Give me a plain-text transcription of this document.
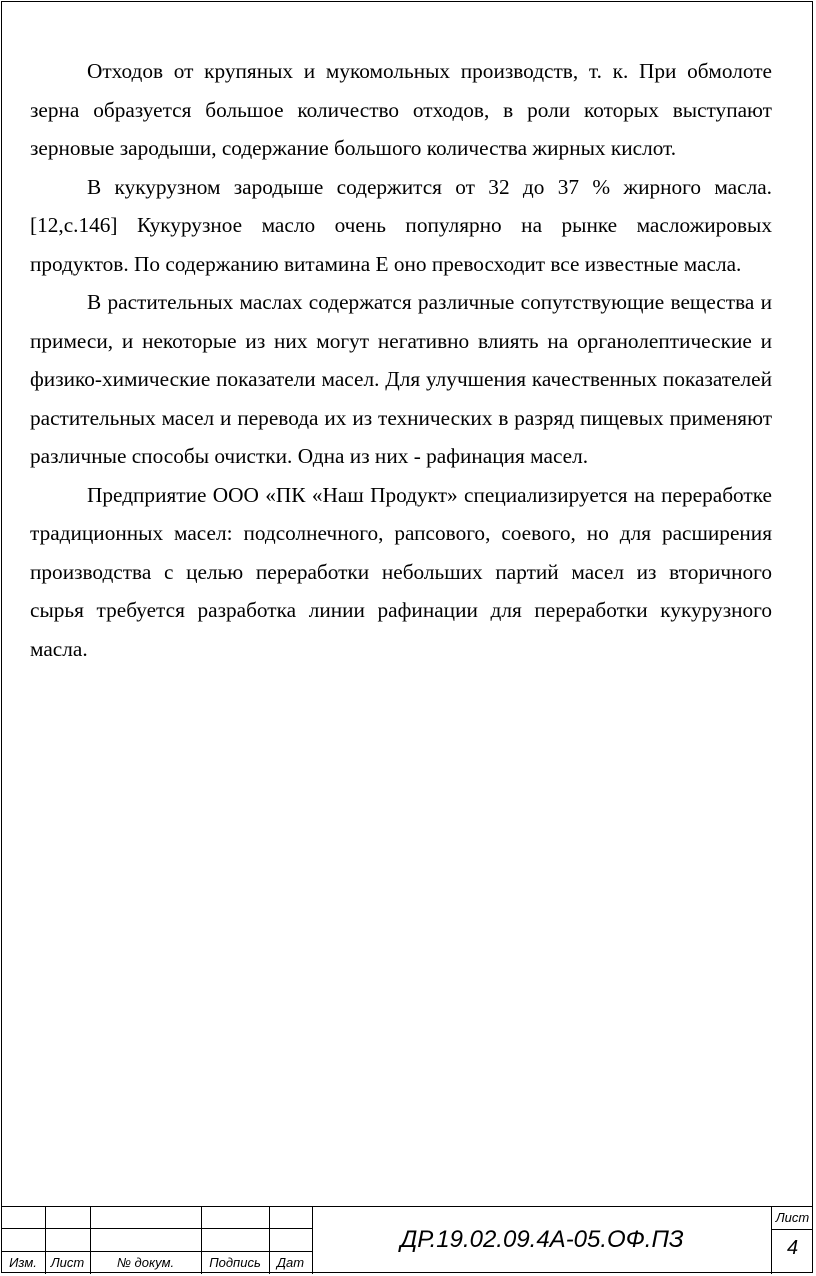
Отходов от крупяных и мукомольных производств, т. к. При обмолоте зерна образуется большое количество отходов, в роли которых выступают зерновые зародыши, содержание большого количества жирных кислот.

В кукурузном зародыше содержится от 32 до 37 % жирного масла. [12,с.146] Кукурузное масло очень популярно на рынке масложировых продуктов. По содержанию витамина Е оно превосходит все известные масла.

В растительных маслах содержатся различные сопутствующие вещества и примеси, и некоторые из них могут негативно влиять на органолептические и физико-химические показатели масел. Для улучшения качественных показателей растительных масел и перевода их из технических в разряд пищевых применяют различные способы очистки. Одна из них - рафинация масел.

Предприятие ООО «ПК «Наш Продукт» специализируется на переработке традиционных масел: подсолнечного, рапсового, соевого, но для расширения производства с целью переработки небольших партий масел из вторичного сырья требуется разработка линии рафинации для переработки кукурузного масла.

Изм.	Лист	№ докум.	Подпись	Дат
ДР.19.02.09.4А-05.ОФ.ПЗ
Лист
4
